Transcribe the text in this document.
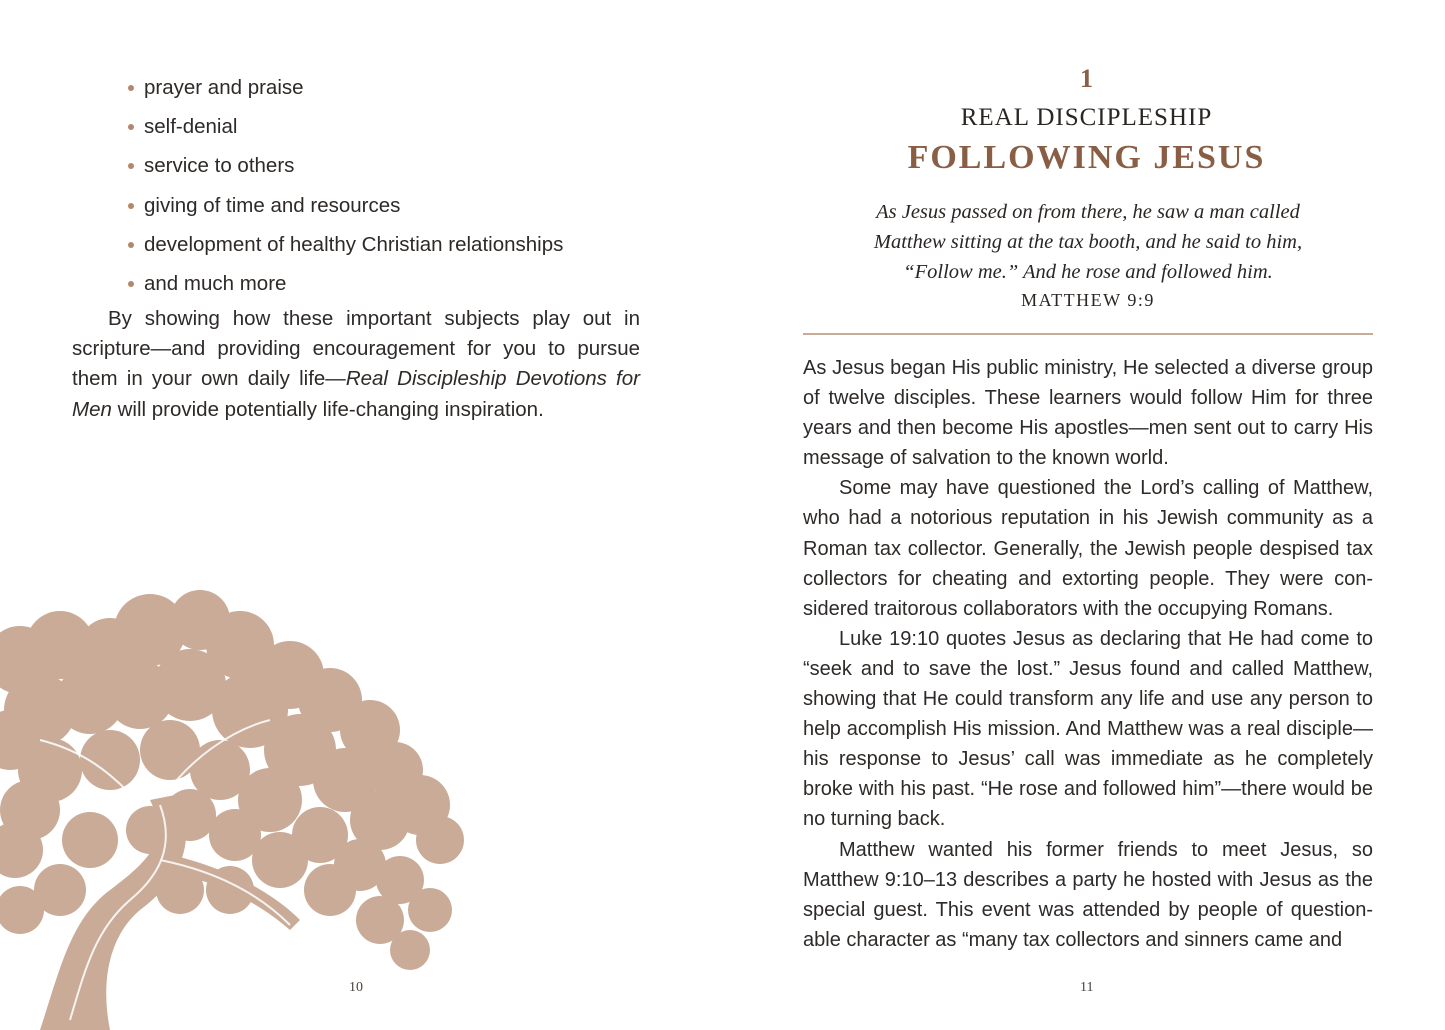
prayer and praise
self-denial
service to others
giving of time and resources
development of healthy Christian relationships
and much more

By showing how these important subjects play out in scripture—and providing encouragement for you to pursue them in your own daily life—Real Discipleship Devotions for Men will provide potentially life-changing inspiration.

10
1
REAL DISCIPLESHIP
FOLLOWING JESUS

As Jesus passed on from there, he saw a man called

Matthew sitting at the tax booth, and he said to him,

“Follow me.” And he rose and followed him.

MATTHEW 9:9

As Jesus began His public ministry, He selected a diverse group of twelve disciples. These learners would follow Him for three years and then become His apostles—men sent out to carry His message of salvation to the known world.

Some may have questioned the Lord’s calling of Matthew, who had a notorious reputation in his Jewish community as a Roman tax collector. Generally, the Jewish people despised tax collectors for cheating and extorting people. They were considered traitorous collaborators with the occupying Romans.

Luke 19:10 quotes Jesus as declaring that He had come to “seek and to save the lost.” Jesus found and called Matthew, showing that He could transform any life and use any person to help accomplish His mission. And Matthew was a real disciple—his response to Jesus’ call was immediate as he completely broke with his past. “He rose and followed him”—there would be no turning back.

Matthew wanted his former friends to meet Jesus, so Matthew 9:10–13 describes a party he hosted with Jesus as the special guest. This event was attended by people of questionable character as “many tax collectors and sinners came and

11
